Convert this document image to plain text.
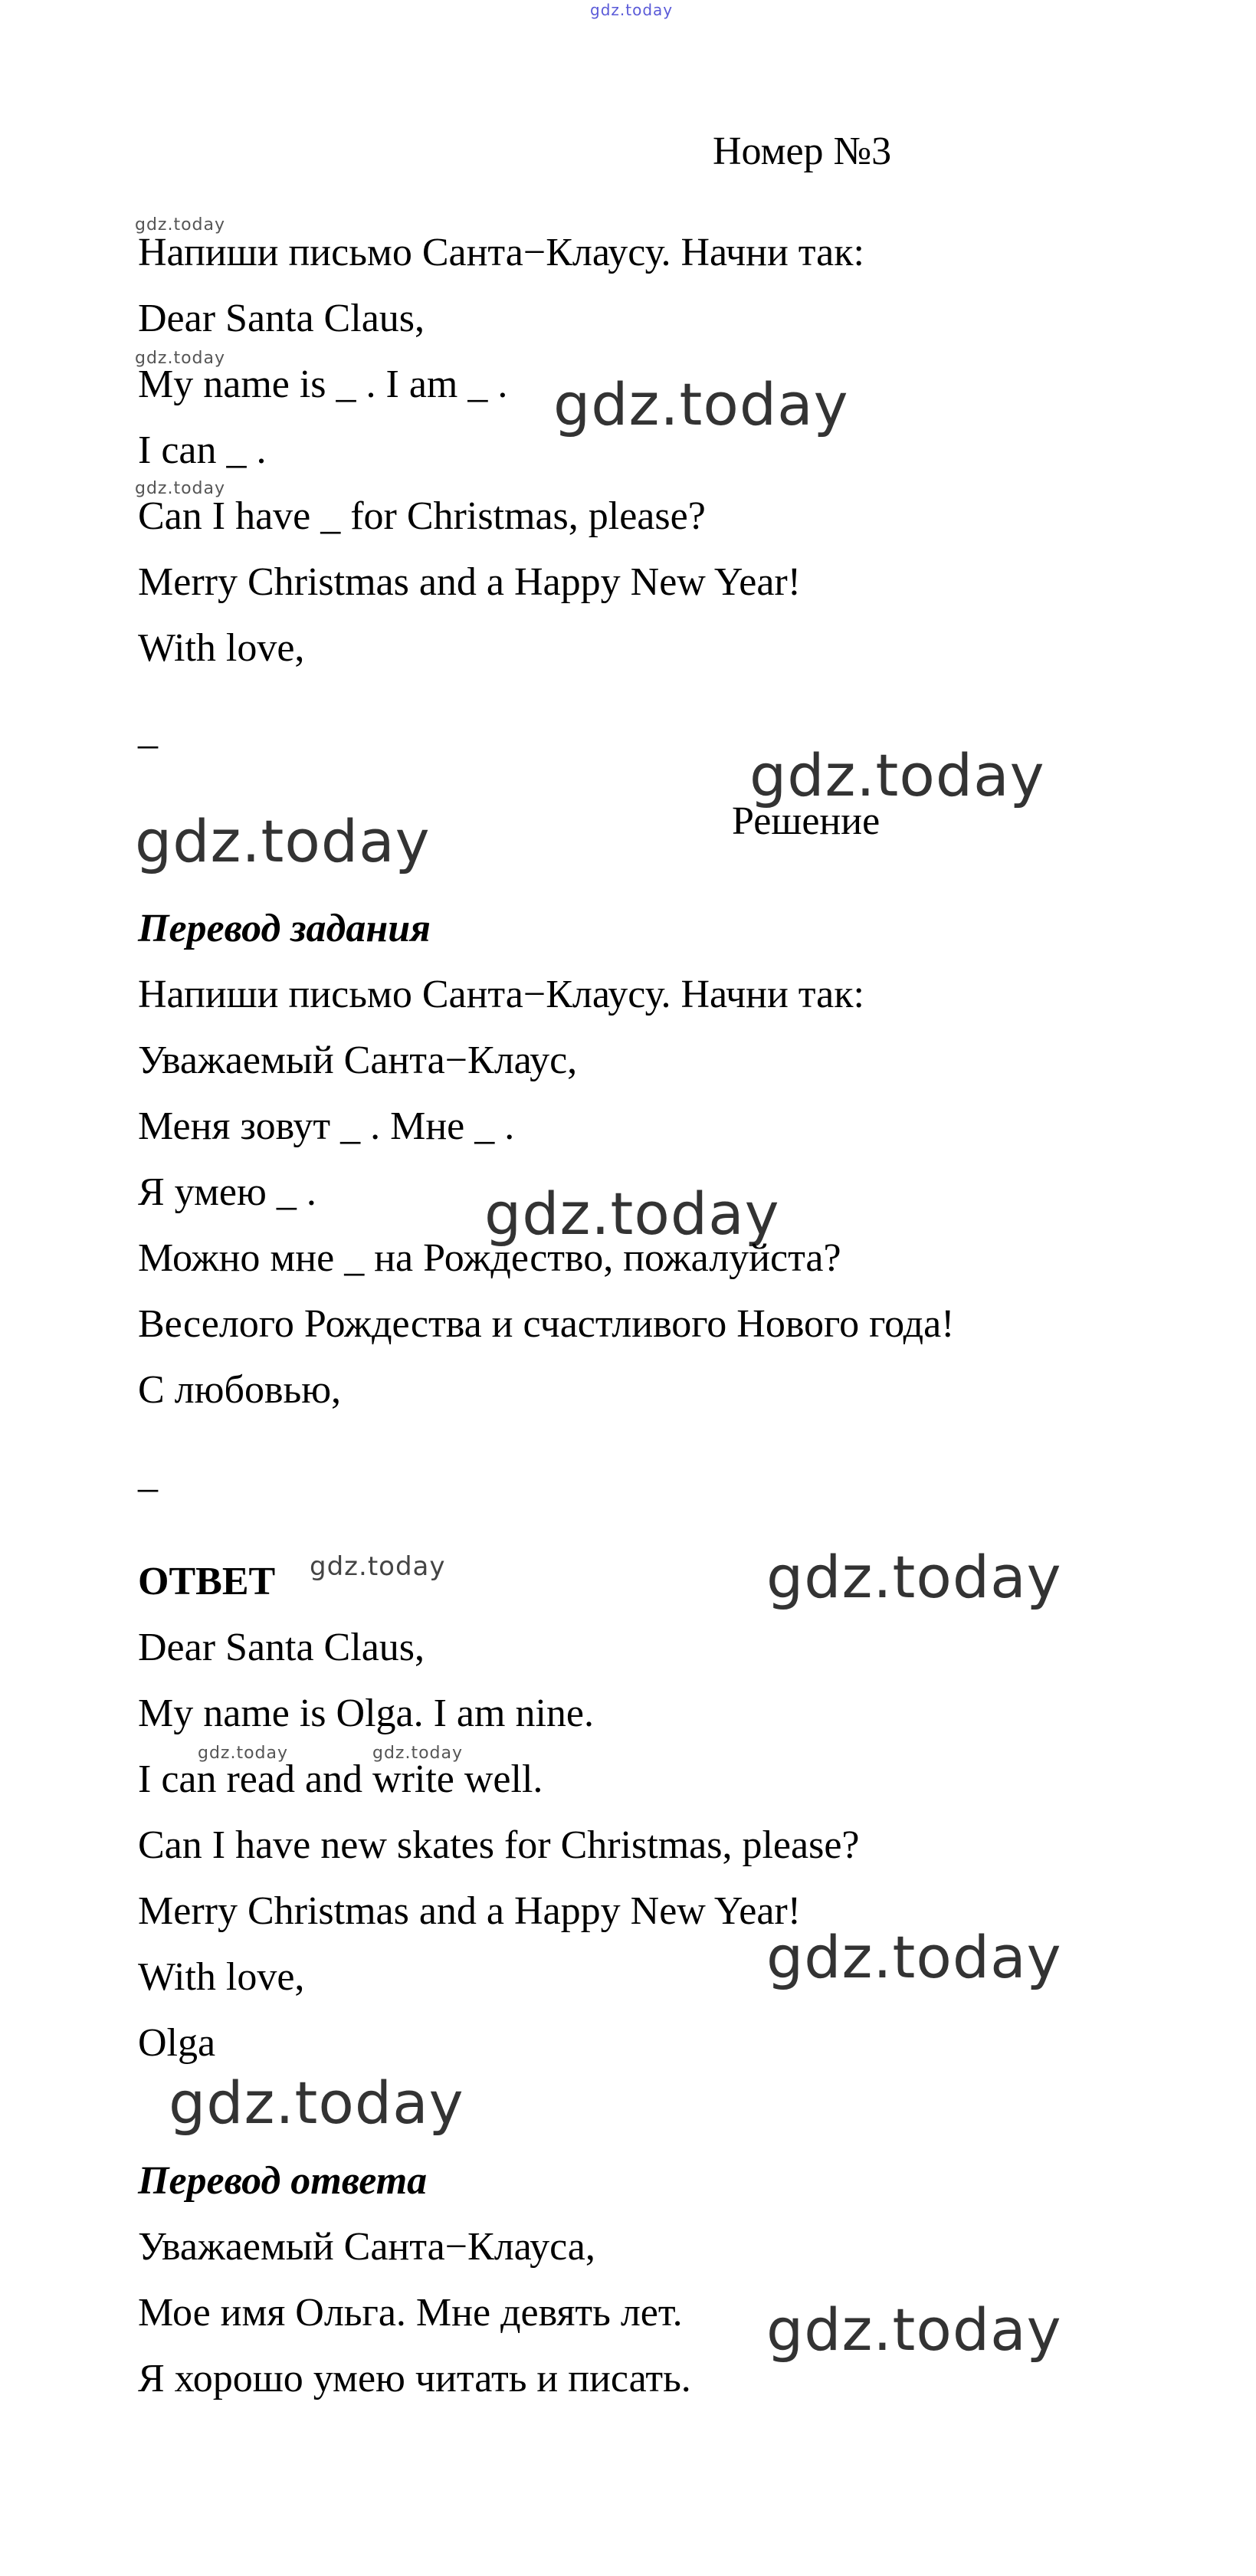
gdz.today
Номер №3
gdz.today
Напиши письмо Санта−Клаусу. Начни так:
Dear Santa Claus,
gdz.today
My name is _ . I am _ . gdz.today
I can _ .
gdz.today
Can I have _ for Christmas, please?
Merry Christmas and a Happy New Year!
With love,
_
gdz.today
Решение
gdz.today
Перевод задания
Напиши письмо Санта−Клаусу. Начни так:
Уважаемый Санта−Клаус,
Меня зовут _ . Мне _ .
Я умею _ .	gdz.today
Можно мне _ на Рождество, пожалуйста?
Веселого Рождества и счастливого Нового года!
С любовью,
_
ОТВЕТ gdz.today	gdz.today
Dear Santa Claus,
My name is Olga. I am nine.
gdz.today	gdz.today
I can read and write well.
Can I have new skates for Christmas, please?
Merry Christmas and a Happy New Year!
gdz.today
With love,
Olga
gdz.today
Перевод ответа
Уважаемый Санта−Клауса,
Мое имя Ольга. Мне девять лет. gdz.today
Я хорошо умею читать и писать.
